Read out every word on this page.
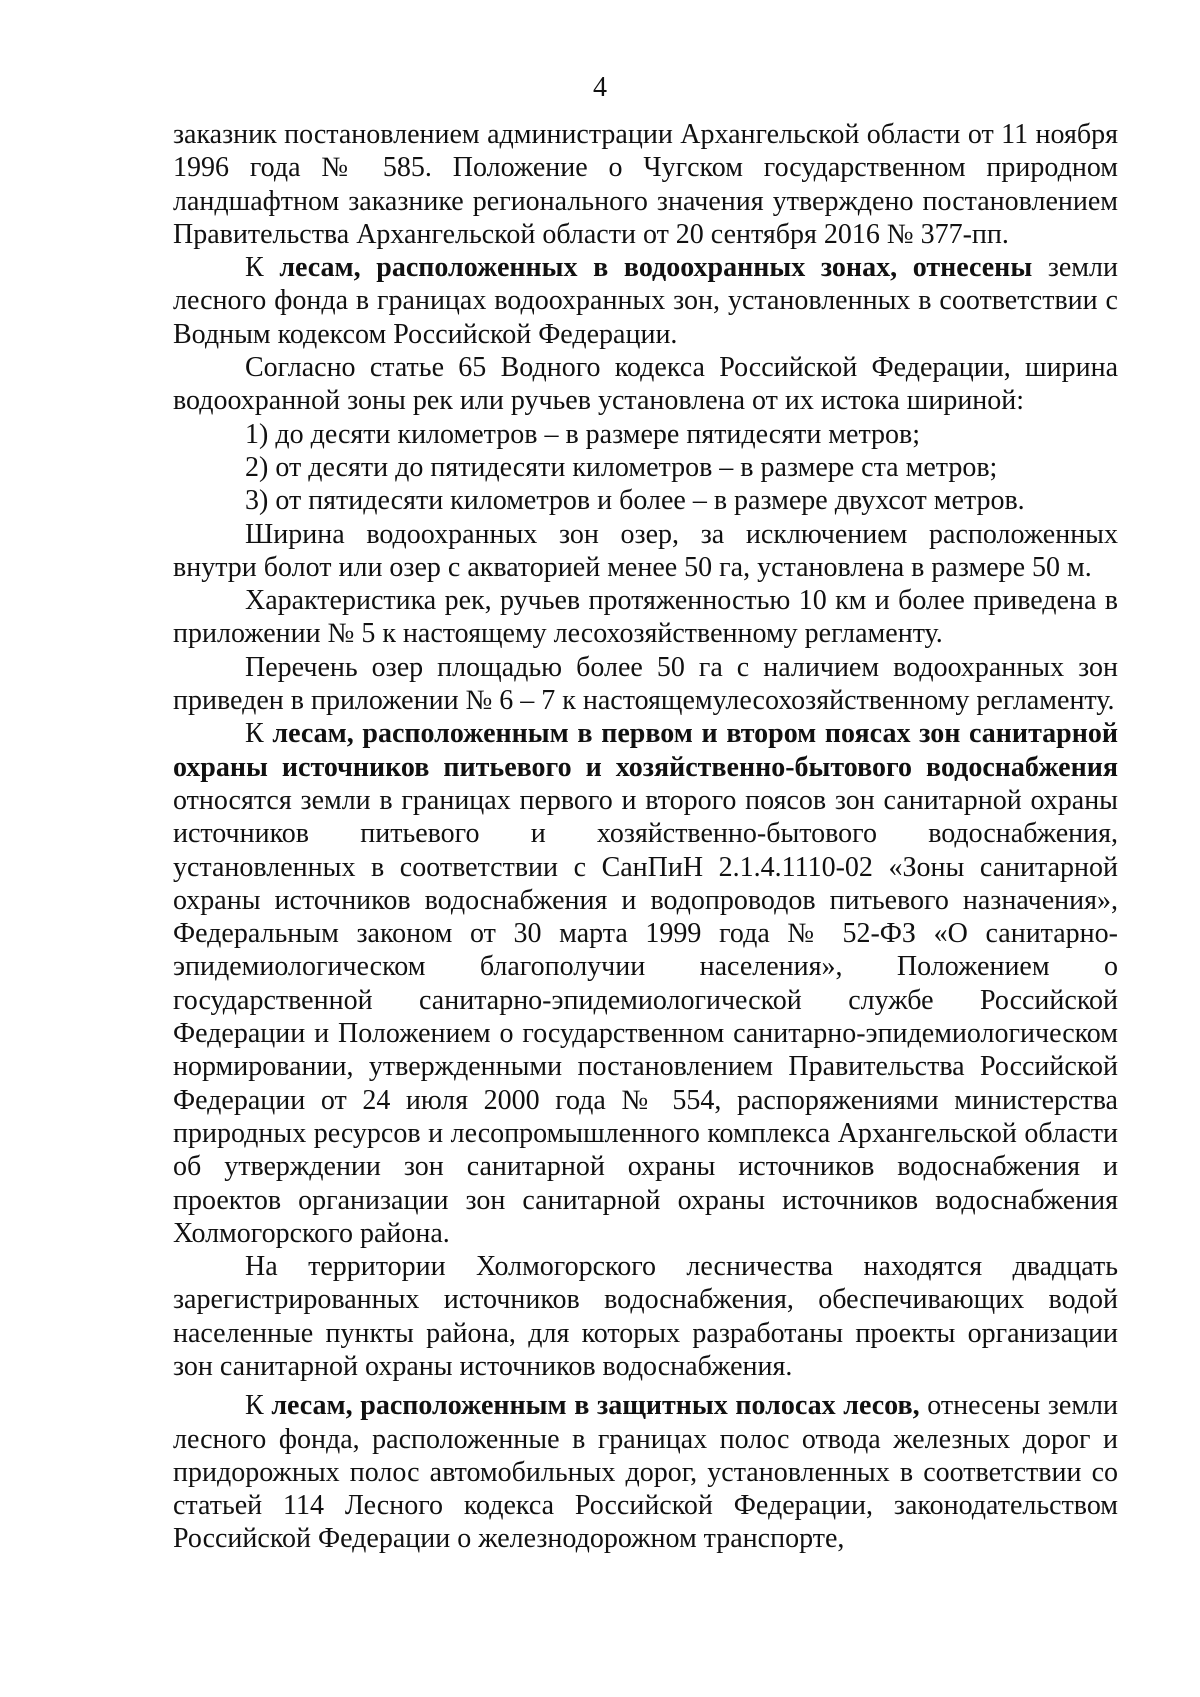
4

заказник постановлением администрации Архангельской области от 11 ноября 1996 года № 585. Положение о Чугском государственном природном ландшафтном заказнике регионального значения утверждено постановлением Правительства Архангельской области от 20 сентября 2016 № 377-пп.

К лесам, расположенных в водоохранных зонах, отнесены земли лесного фонда в границах водоохранных зон, установленных в соответствии с Водным кодексом Российской Федерации.

Согласно статье 65 Водного кодекса Российской Федерации, ширина водоохранной зоны рек или ручьев установлена от их истока шириной:

1) до десяти километров – в размере пятидесяти метров;

2) от десяти до пятидесяти километров – в размере ста метров;

3) от пятидесяти километров и более – в размере двухсот метров.

Ширина водоохранных зон озер, за исключением расположенных внутри болот или озер с акваторией менее 50 га, установлена в размере 50 м.

Характеристика рек, ручьев протяженностью 10 км и более приведена в приложении № 5 к настоящему лесохозяйственному регламенту.

Перечень озер площадью более 50 га с наличием водоохранных зон приведен в приложении № 6 – 7 к настоящемулесохозяйственному регламенту.

К лесам, расположенным в первом и втором поясах зон санитарной охраны источников питьевого и хозяйственно-бытового водоснабжения относятся земли в границах первого и второго поясов зон санитарной охраны источников питьевого и хозяйственно-бытового водоснабжения, установленных в соответствии с СанПиН 2.1.4.1110-02 «Зоны санитарной охраны источников водоснабжения и водопроводов питьевого назначения», Федеральным законом от 30 марта 1999 года № 52-ФЗ «О санитарно-эпидемиологическом благополучии населения», Положением о государственной санитарно-эпидемиологической службе Российской Федерации и Положением о государственном санитарно-эпидемиологическом нормировании, утвержденными постановлением Правительства Российской Федерации от 24 июля 2000 года № 554, распоряжениями министерства природных ресурсов и лесопромышленного комплекса Архангельской области об утверждении зон санитарной охраны источников водоснабжения и проектов организации зон санитарной охраны источников водоснабжения Холмогорского района.

На территории Холмогорского лесничества находятся двадцать зарегистрированных источников водоснабжения, обеспечивающих водой населенные пункты района, для которых разработаны проекты организации зон санитарной охраны источников водоснабжения.

К лесам, расположенным в защитных полосах лесов, отнесены земли лесного фонда, расположенные в границах полос отвода железных дорог и придорожных полос автомобильных дорог, установленных в соответствии со статьей 114 Лесного кодекса Российской Федерации, законодательством Российской Федерации о железнодорожном транспорте,
